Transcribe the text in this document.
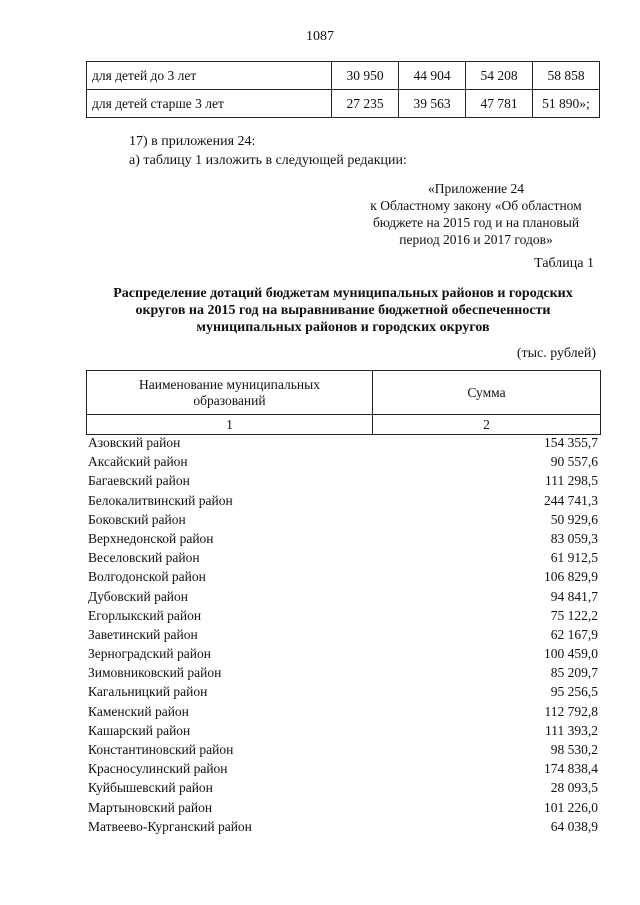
1087
для детей до 3 лет	30 950	44 904	54 208	58 858
для детей старше 3 лет	27 235	39 563	47 781	51 890»;
17) в приложения 24:
а) таблицу 1 изложить в следующей редакции:
«Приложение 24
к Областному закону «Об областном
бюджете на 2015 год и на плановый
период 2016 и 2017 годов»
Таблица 1
Распределение дотаций бюджетам муниципальных районов и городских
округов на 2015 год на выравнивание бюджетной обеспеченности
муниципальных районов и городских округов
(тыс. рублей)
Наименование муниципальных
образований	Сумма
1	2
Азовский район	154 355,7
Аксайский район	90 557,6
Багаевский район	111 298,5
Белокалитвинский район	244 741,3
Боковский район	50 929,6
Верхнедонской район	83 059,3
Веселовский район	61 912,5
Волгодонской район	106 829,9
Дубовский район	94 841,7
Егорлыкский район	75 122,2
Заветинский район	62 167,9
Зерноградский район	100 459,0
Зимовниковский район	85 209,7
Кагальницкий район	95 256,5
Каменский район	112 792,8
Кашарский район	111 393,2
Константиновский район	98 530,2
Красносулинский район	174 838,4
Куйбышевский район	28 093,5
Мартыновский район	101 226,0
Матвеево-Курганский район	64 038,9
